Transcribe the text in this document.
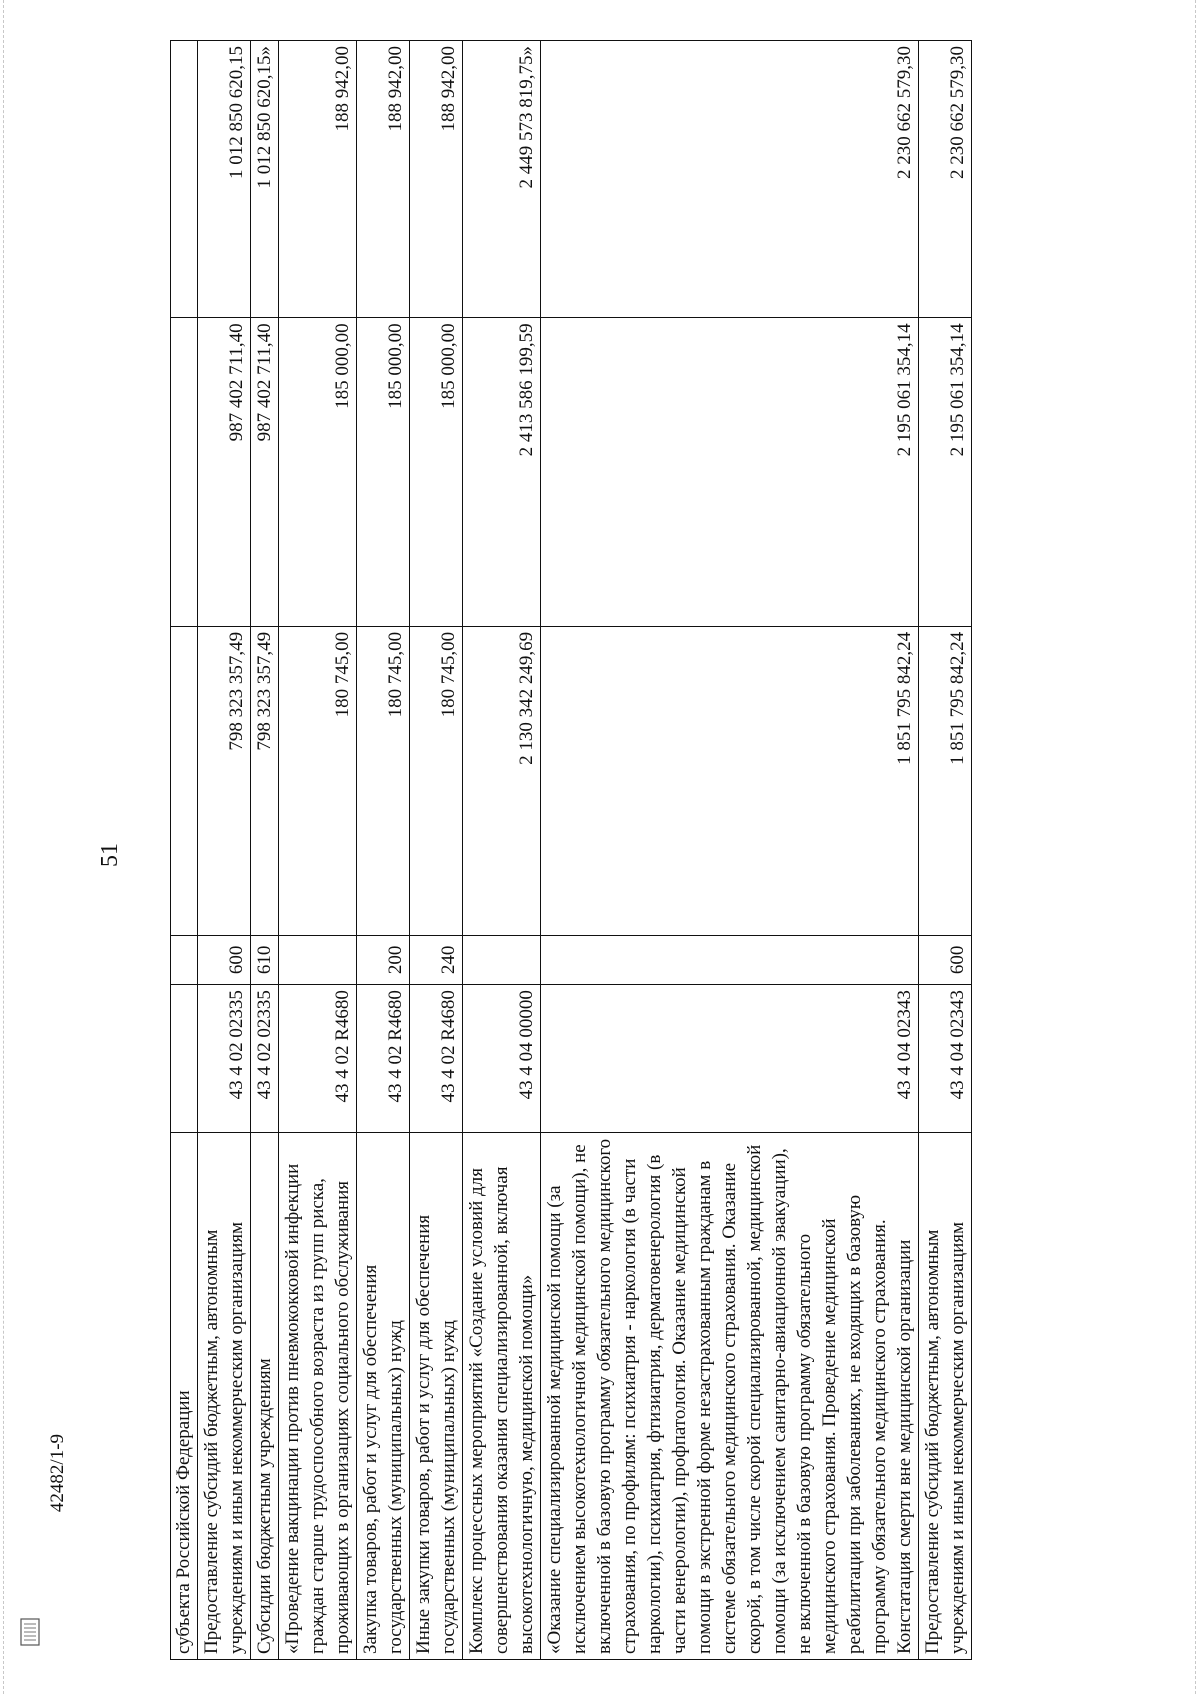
51
42482/1-9	субъекта Российской Федерации					
Предоставление субсидий бюджетным, автономным учреждениям и иным некоммерческим организациям	43 4 02 02335	600	798 323 357,49	987 402 711,40	1 012 850 620,15
Субсидии бюджетным учреждениям	43 4 02 02335	610	798 323 357,49	987 402 711,40	1 012 850 620,15»
«Проведение вакцинации против пневмококковой инфекции граждан старше трудоспособного возраста из групп риска, проживающих в организациях социального обслуживания	43 4 02 R4680		180 745,00	185 000,00	188 942,00
Закупка товаров, работ и услуг для обеспечения государственных (муниципальных) нужд	43 4 02 R4680	200	180 745,00	185 000,00	188 942,00
Иные закупки товаров, работ и услуг для обеспечения государственных (муниципальных) нужд	43 4 02 R4680	240	180 745,00	185 000,00	188 942,00
Комплекс процессных мероприятий «Создание условий для совершенствования оказания специализированной, включая высокотехнологичную, медицинской помощи»	43 4 04 00000		2 130 342 249,69	2 413 586 199,59	2 449 573 819,75»
«Оказание специализированной медицинской помощи (за исключением высокотехнологичной медицинской помощи), не включенной в базовую программу обязательного медицинского страхования, по профилям: психиатрия - наркология (в части наркологии), психиатрия, фтизиатрия, дерматовенерология (в части венерологии), профпатология. Оказание медицинской помощи в экстренной форме незастрахованным гражданам в системе обязательного медицинского страхования. Оказание скорой, в том числе скорой специализированной, медицинской помощи (за исключением санитарно-авиационной эвакуации), не включенной в базовую программу обязательного медицинского страхования. Проведение медицинской реабилитации при заболеваниях, не входящих в базовую программу обязательного медицинского страхования. Констатация смерти вне медицинской организации	43 4 04 02343		1 851 795 842,24	2 195 061 354,14	2 230 662 579,30
Предоставление субсидий бюджетным, автономным учреждениям и иным некоммерческим организациям	43 4 04 02343	600	1 851 795 842,24	2 195 061 354,14	2 230 662 579,30
